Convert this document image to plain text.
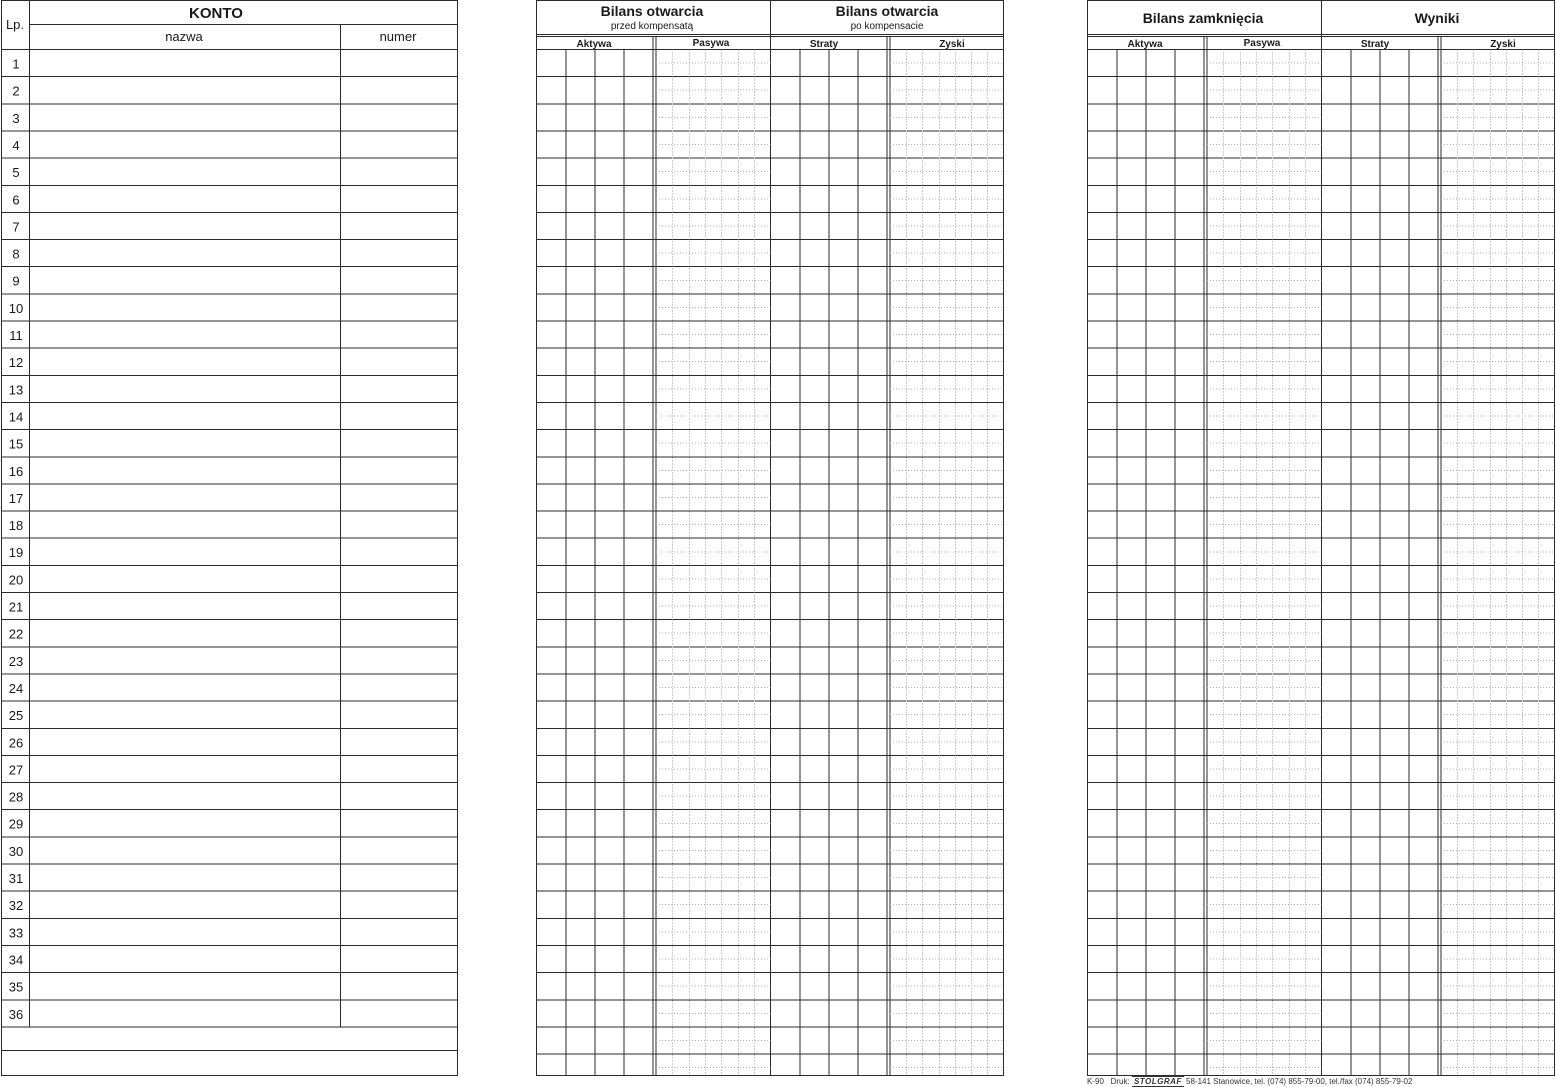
Lp.
KONTO
nazwa	numer
1
2
3
4
5
6
7
8
9
10
11
12
13
14
15
16
17
18
19
20
21
22
23
24
25
26
27
28
29
30
31
32
33
34
35
36
Bilans otwarcia
przed kompensatą
Bilans otwarcia
po kompensacie
Aktywa	Pasywa	Straty	Zyski
Bilans zamknięcia	Wyniki
Aktywa	Pasywa	Straty	Zyski
K-90 Druk: STOLGRAF 58-141 Stanowice, tel. (074) 855-79-00, tel./fax (074) 855-79-02
